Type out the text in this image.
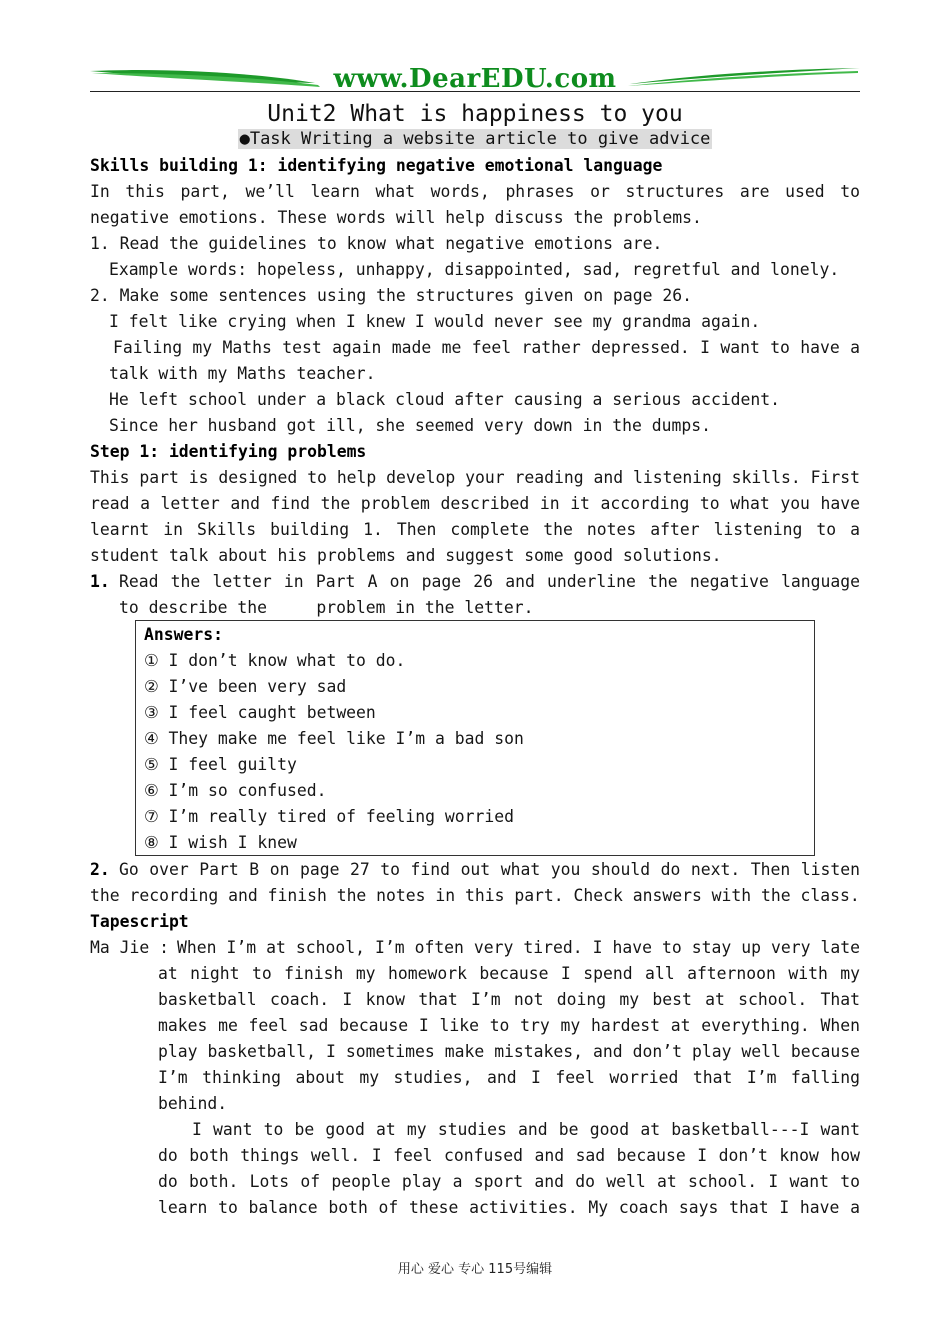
www.DearEDU.com
Unit2 What is happiness to you
●Task Writing a website article to give advice
Skills building 1: identifying negative emotional language
In this part, we’ll learn what words, phrases or structures are used to
negative emotions. These words will help discuss the problems.
1. Read the guidelines to know what negative emotions are.
Example words: hopeless, unhappy, disappointed, sad, regretful and lonely.
2. Make some sentences using the structures given on page 26.
I felt like crying when I knew I would never see my grandma again.
Failing my Maths test again made me feel rather depressed. I want to have a
talk with my Maths teacher.
He left school under a black cloud after causing a serious accident.
Since her husband got ill, she seemed very down in the dumps.
Step 1: identifying problems
This part is designed to help develop your reading and listening skills. First
read a letter and find the problem described in it according to what you have
learnt in Skills building 1. Then complete the notes after listening to a
student talk about his problems and suggest some good solutions.
1. Read the letter in Part A on page 26 and underline the negative language
to describe the     problem in the letter.
Answers:
① I don’t know what to do.
② I’ve been very sad
③ I feel caught between
④ They make me feel like I’m a bad son
⑤ I feel guilty
⑥ I’m so confused.
⑦ I’m really tired of feeling worried
⑧ I wish I knew
2. Go over Part B on page 27 to find out what you should do next. Then listen
the recording and finish the notes in this part. Check answers with the class.
Tapescript
Ma Jie : When I’m at school, I’m often very tired. I have to stay up very late
at night to finish my homework because I spend all afternoon with my
basketball coach. I know that I’m not doing my best at school. That
makes me feel sad because I like to try my hardest at everything. When
play basketball, I sometimes make mistakes, and don’t play well because
I’m thinking about my studies, and I feel worried that I’m falling
behind.
I want to be good at my studies and be good at basketball---I want
do both things well. I feel confused and sad because I don’t know how
do both. Lots of people play a sport and do well at school. I want to
learn to balance both of these activities. My coach says that I have a
用心 爱心 专心 115号编辑
